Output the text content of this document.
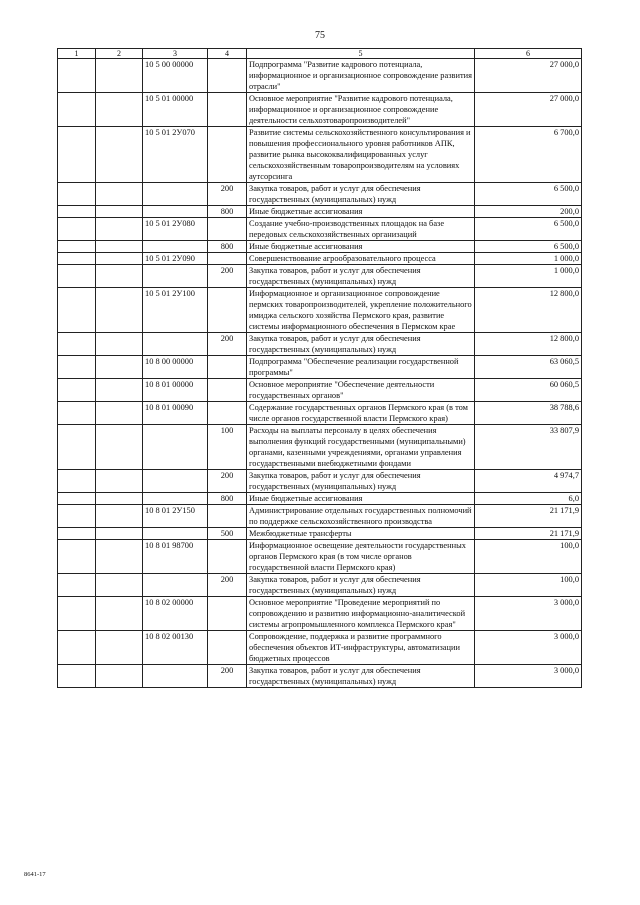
75
1	2	3	4	5	6
		10 5 00 00000		Подпрограмма "Развитие кадрового потенциала, информационное и организационное сопровождение развития отрасли"	27 000,0
		10 5 01 00000		Основное мероприятие "Развитие кадрового потенциала, информационное и организационное сопровождение деятельности сельхозтоваропроизводителей"	27 000,0
		10 5 01 2У070		Развитие системы сельскохозяйственного консультирования и повышения профессионального уровня работников АПК, развитие рынка высококвалифицированных услуг сельскохозяйственным товаропроизводителям на условиях аутсорсинга	6 700,0
			200	Закупка товаров, работ и услуг для обеспечения государственных (муниципальных) нужд	6 500,0
			800	Иные бюджетные ассигнования	200,0
		10 5 01 2У080		Создание учебно-производственных площадок на базе передовых сельскохозяйственных организаций	6 500,0
			800	Иные бюджетные ассигнования	6 500,0
		10 5 01 2У090		Совершенствование агрообразовательного процесса	1 000,0
			200	Закупка товаров, работ и услуг для обеспечения государственных (муниципальных) нужд	1 000,0
		10 5 01 2У100		Информационное и организационное сопровождение пермских товаропроизводителей, укрепление положительного имиджа сельского хозяйства Пермского края, развитие системы информационного обеспечения в Пермском крае	12 800,0
			200	Закупка товаров, работ и услуг для обеспечения государственных (муниципальных) нужд	12 800,0
		10 8 00 00000		Подпрограмма "Обеспечение реализации государственной программы"	63 060,5
		10 8 01 00000		Основное мероприятие "Обеспечение деятельности государственных органов"	60 060,5
		10 8 01 00090		Содержание государственных органов Пермского края (в том числе органов государственной власти Пермского края)	38 788,6
			100	Расходы на выплаты персоналу в целях обеспечения выполнения функций государственными (муниципальными) органами, казенными учреждениями, органами управления государственными внебюджетными фондами	33 807,9
			200	Закупка товаров, работ и услуг для обеспечения государственных (муниципальных) нужд	4 974,7
			800	Иные бюджетные ассигнования	6,0
		10 8 01 2У150		Администрирование отдельных государственных полномочий по поддержке сельскохозяйственного производства	21 171,9
			500	Межбюджетные трансферты	21 171,9
		10 8 01 98700		Информационное освещение деятельности государственных органов Пермского края (в том числе органов государственной власти Пермского края)	100,0
			200	Закупка товаров, работ и услуг для обеспечения государственных (муниципальных) нужд	100,0
		10 8 02 00000		Основное мероприятие "Проведение мероприятий по сопровождению и развитию информационно-аналитической системы агропромышленного комплекса Пермского края"	3 000,0
		10 8 02 00130		Сопровождение, поддержка и развитие программного обеспечения объектов ИТ-инфраструктуры, автоматизации бюджетных процессов	3 000,0
			200	Закупка товаров, работ и услуг для обеспечения государственных (муниципальных) нужд	3 000,0
8641-17
